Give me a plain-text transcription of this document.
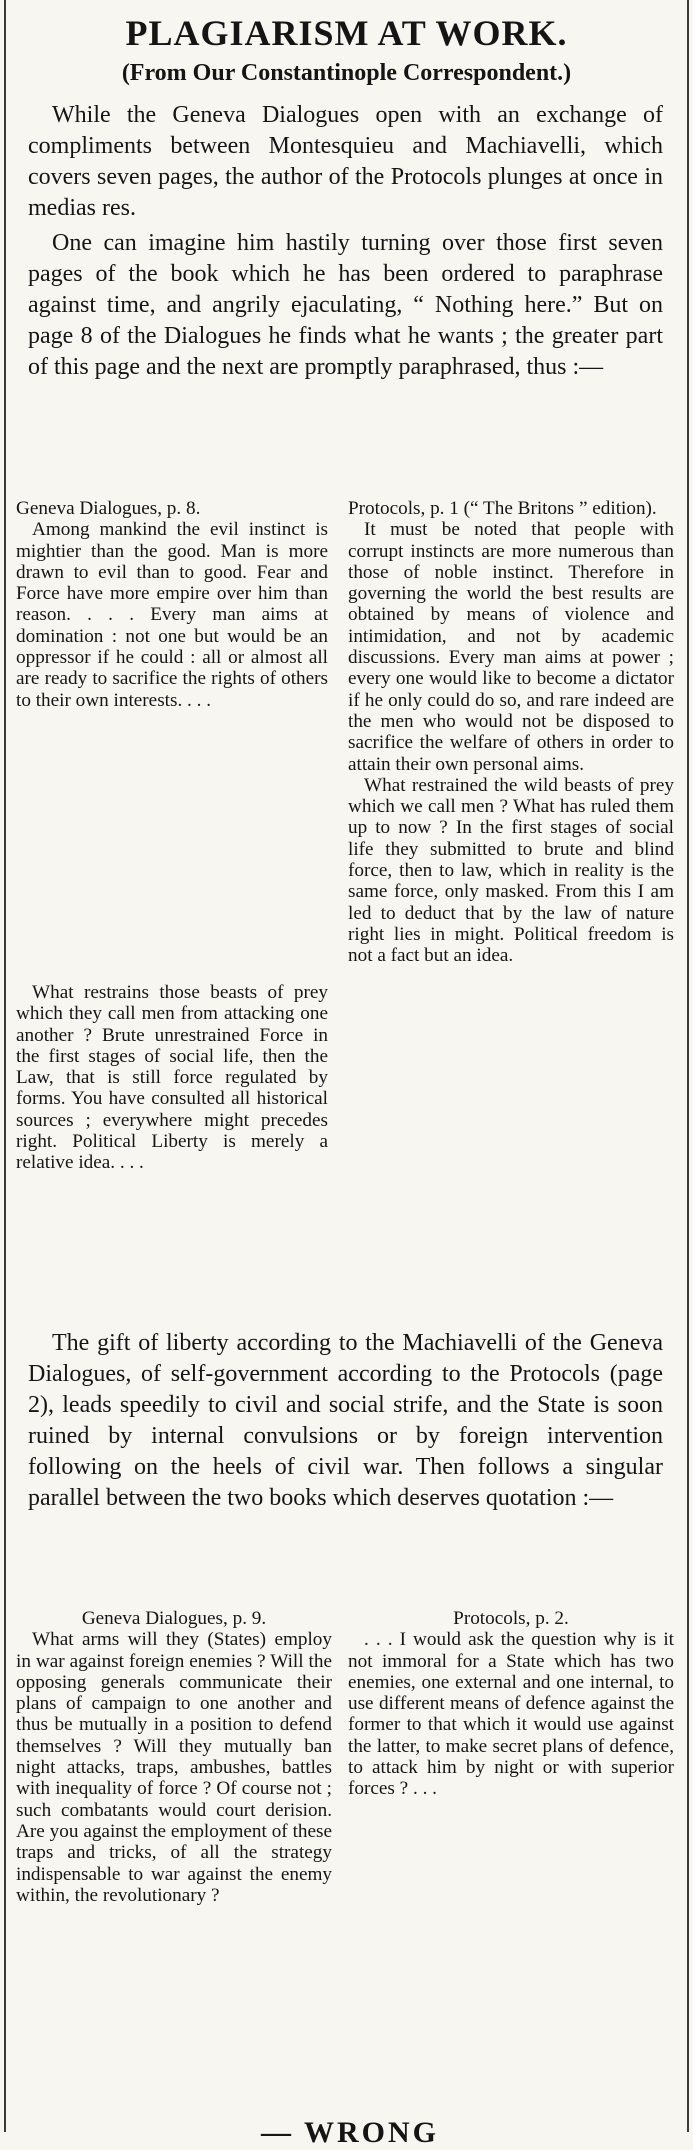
PLAGIARISM AT WORK.

(From Our Constantinople Correspondent.)

While the Geneva Dialogues open with an exchange of compliments between Montesquieu and Machiavelli, which covers seven pages, the author of the Protocols plunges at once in medias res.

One can imagine him hastily turning over those first seven pages of the book which he has been ordered to paraphrase against time, and angrily ejaculating, “ Nothing here.” But on page 8 of the Dialogues he finds what he wants ; the greater part of this page and the next are promptly paraphrased, thus :—

Geneva Dialogues, p. 8.
Among mankind the evil instinct is mightier than the good. Man is more drawn to evil than to good. Fear and Force have more empire over him than reason. . . . Every man aims at domination : not one but would be an oppressor if he could : all or almost all are ready to sacrifice the rights of others to their own interests. . . .
What restrains those beasts of prey which they call men from attacking one another ? Brute unrestrained Force in the first stages of social life, then the Law, that is still force regulated by forms. You have consulted all historical sources ; everywhere might precedes right. Political Liberty is merely a relative idea. . . .
Protocols, p. 1 (“ The Britons ” edition).
It must be noted that people with corrupt instincts are more numerous than those of noble instinct. Therefore in governing the world the best results are obtained by means of violence and intimidation, and not by academic discussions. Every man aims at power ; every one would like to become a dictator if he only could do so, and rare indeed are the men who would not be disposed to sacrifice the welfare of others in order to attain their own personal aims.
What restrained the wild beasts of prey which we call men ? What has ruled them up to now ? In the first stages of social life they submitted to brute and blind force, then to law, which in reality is the same force, only masked. From this I am led to deduct that by the law of nature right lies in might. Political freedom is not a fact but an idea.

The gift of liberty according to the Machiavelli of the Geneva Dialogues, of self-government according to the Protocols (page 2), leads speedily to civil and social strife, and the State is soon ruined by internal convulsions or by foreign intervention following on the heels of civil war. Then follows a singular parallel between the two books which deserves quotation :—

Geneva Dialogues, p. 9.
What arms will they (States) employ in war against foreign enemies ? Will the opposing generals communicate their plans of campaign to one another and thus be mutually in a position to defend themselves ? Will they mutually ban night attacks, traps, ambushes, battles with inequality of force ? Of course not ; such combatants would court derision. Are you against the employment of these traps and tricks, of all the strategy indispensable to war against the enemy within, the revolutionary ?
Protocols, p. 2.
. . . I would ask the question why is it not immoral for a State which has two enemies, one external and one internal, to use different means of defence against the former to that which it would use against the latter, to make secret plans of defence, to attack him by night or with superior forces ? . . .

— WRONG
